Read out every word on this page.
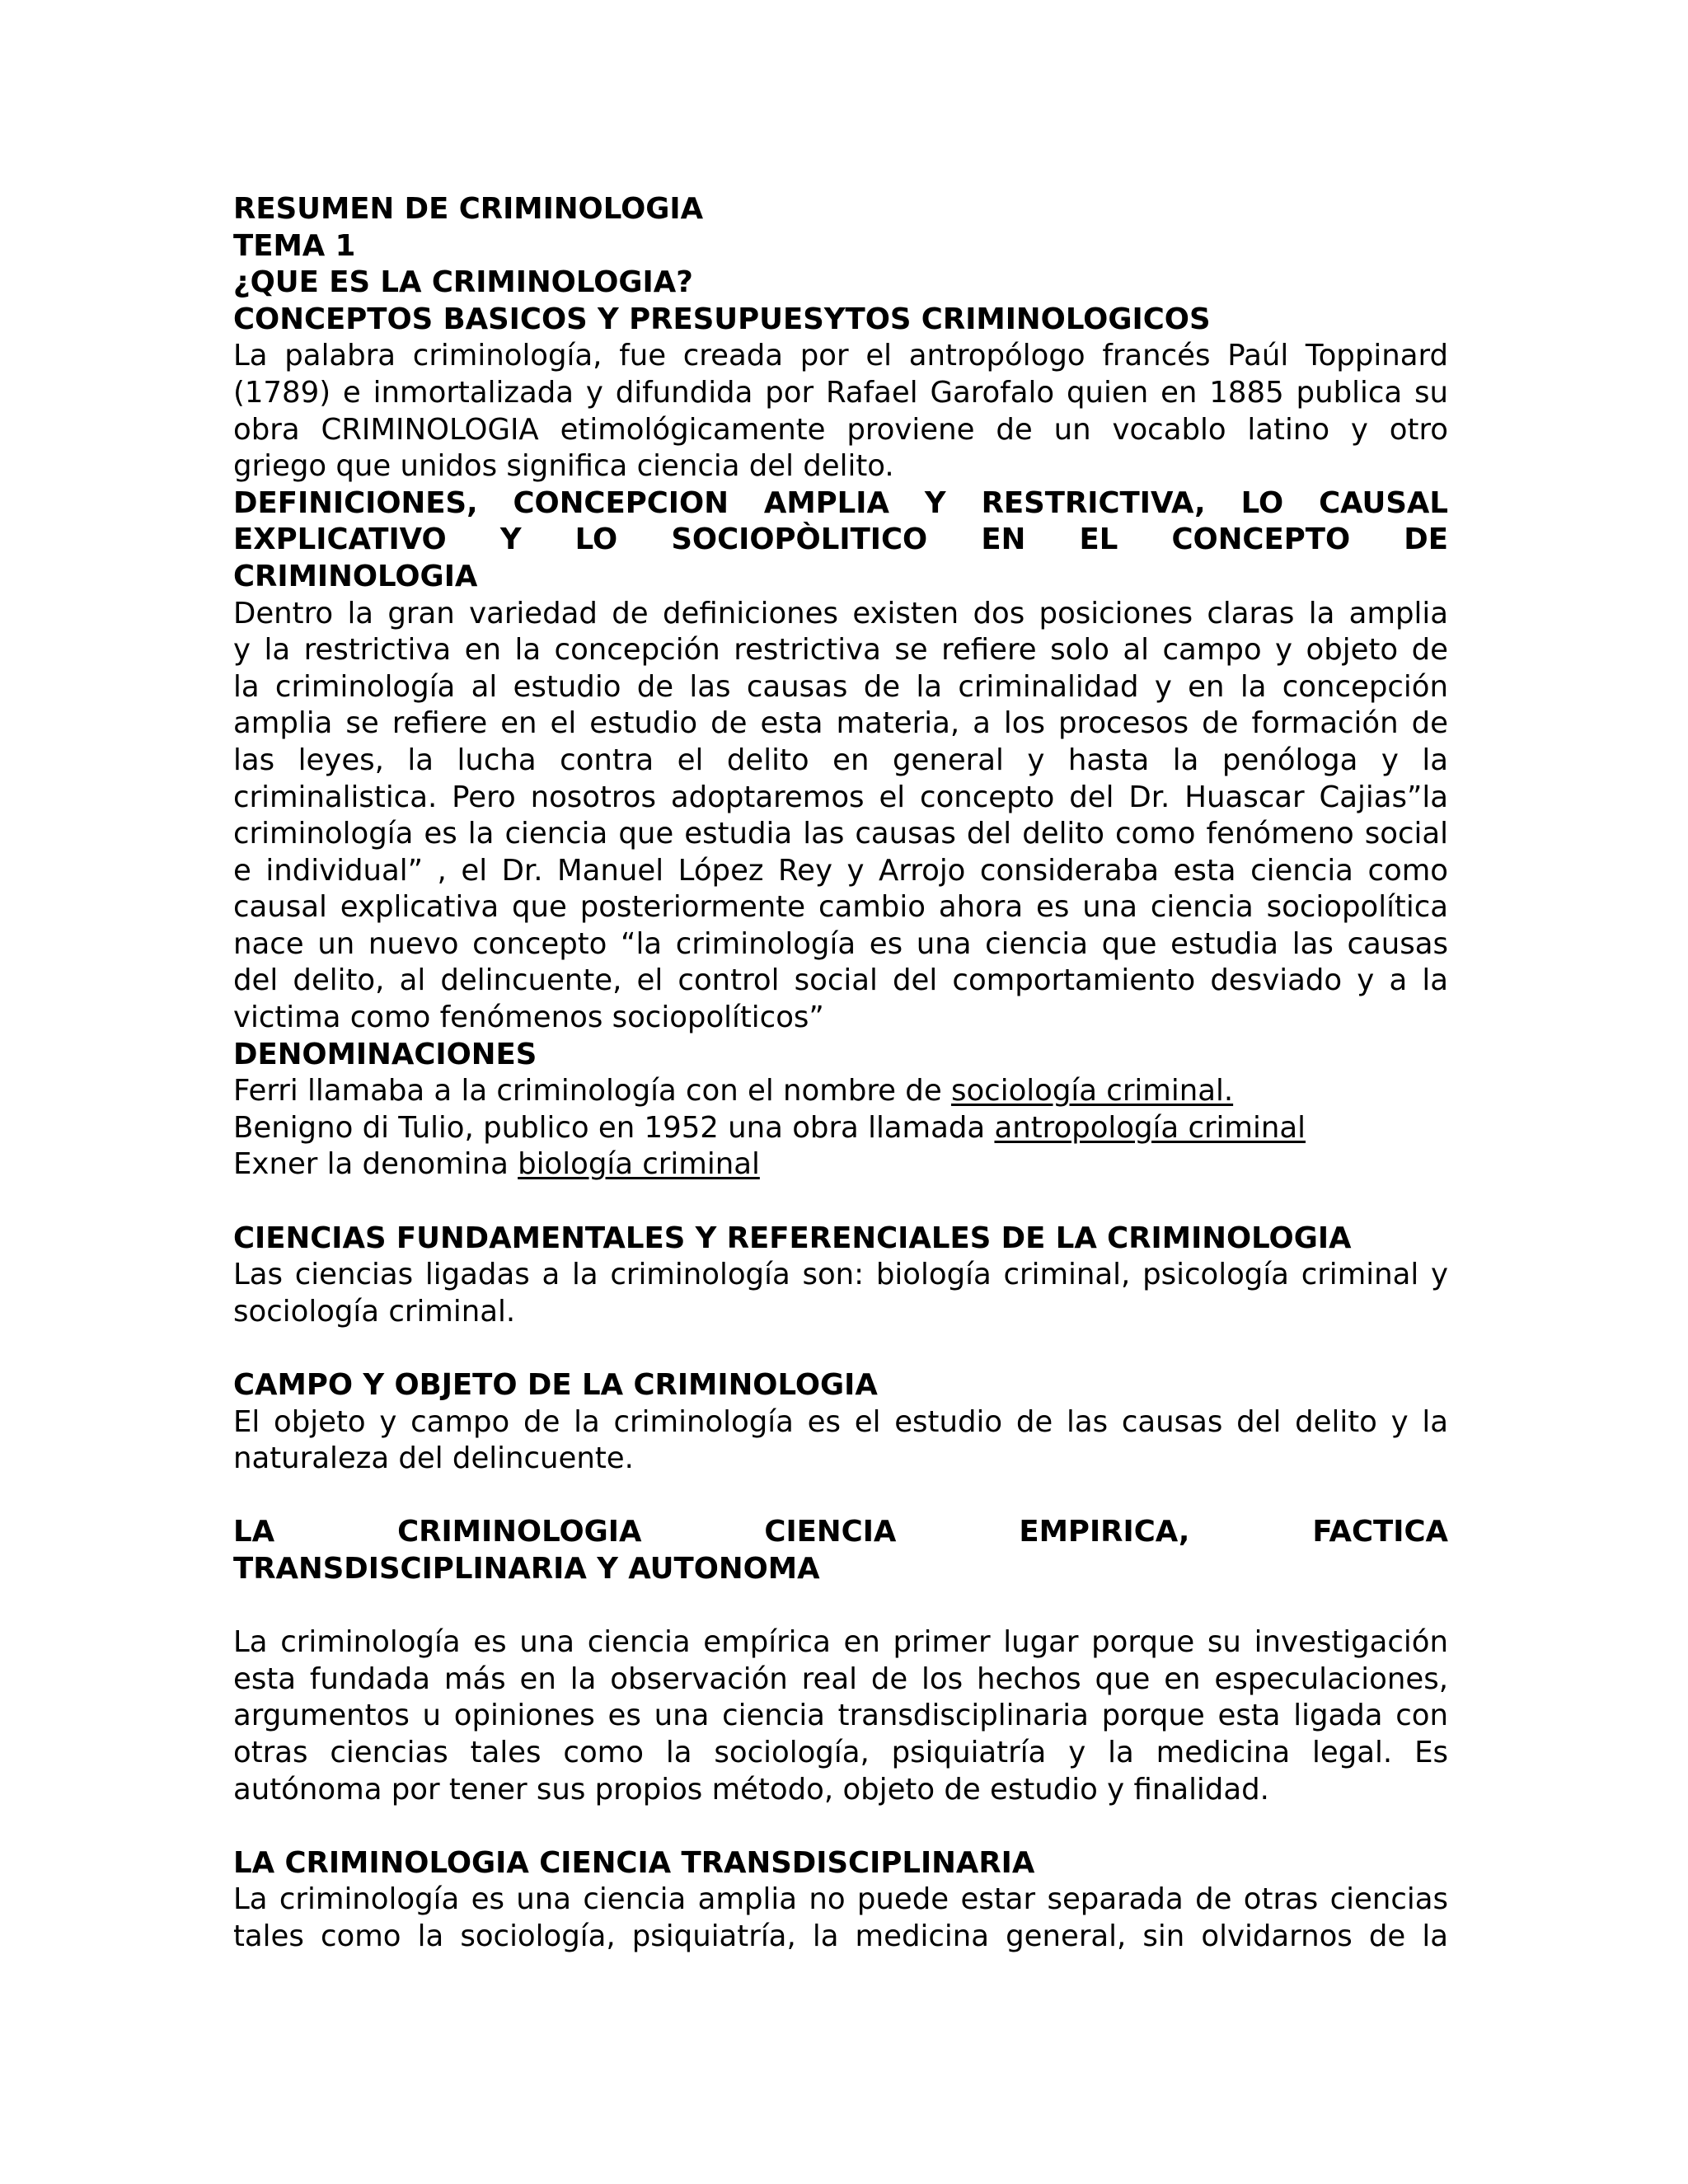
RESUMEN DE CRIMINOLOGIA
TEMA 1
¿QUE ES LA CRIMINOLOGIA?
CONCEPTOS BASICOS Y PRESUPUESYTOS CRIMINOLOGICOS
La palabra criminología, fue creada por el antropólogo francés Paúl Toppinard
(1789) e inmortalizada y difundida por Rafael Garofalo quien en 1885 publica su
obra CRIMINOLOGIA etimológicamente proviene de un vocablo latino y otro
griego que unidos significa ciencia del delito.
DEFINICIONES, CONCEPCION AMPLIA Y RESTRICTIVA, LO CAUSAL
EXPLICATIVO Y LO SOCIOPÒLITICO EN EL CONCEPTO DE
CRIMINOLOGIA
Dentro la gran variedad de definiciones existen dos posiciones claras la amplia
y la restrictiva en la concepción restrictiva se refiere solo al campo y objeto de
la criminología al estudio de las causas de la criminalidad y en la concepción
amplia se refiere en el estudio de esta materia, a los procesos de formación de
las leyes, la lucha contra el delito en general y hasta la penóloga y la
criminalistica. Pero nosotros adoptaremos el concepto del Dr. Huascar Cajias”la
criminología es la ciencia que estudia las causas del delito como fenómeno social
e individual” , el Dr. Manuel López Rey y Arrojo consideraba esta ciencia como
causal explicativa que posteriormente cambio ahora es una ciencia sociopolítica
nace un nuevo concepto “la criminología es una ciencia que estudia las causas
del delito, al delincuente, el control social del comportamiento desviado y a la
victima como fenómenos sociopolíticos”
DENOMINACIONES
Ferri llamaba a la criminología con el nombre de sociología criminal.
Benigno di Tulio, publico en 1952 una obra llamada antropología criminal
Exner la denomina biología criminal
CIENCIAS FUNDAMENTALES Y REFERENCIALES DE LA CRIMINOLOGIA
Las ciencias ligadas a la criminología son: biología criminal, psicología criminal y
sociología criminal.
CAMPO Y OBJETO DE LA CRIMINOLOGIA
El objeto y campo de la criminología es el estudio de las causas del delito y la
naturaleza del delincuente.
LA CRIMINOLOGIA CIENCIA EMPIRICA, FACTICA
TRANSDISCIPLINARIA Y AUTONOMA
La criminología es una ciencia empírica en primer lugar porque su investigación
esta fundada más en la observación real de los hechos que en especulaciones,
argumentos u opiniones es una ciencia transdisciplinaria porque esta ligada con
otras ciencias tales como la sociología, psiquiatría y la medicina legal. Es
autónoma por tener sus propios método, objeto de estudio y finalidad.
LA CRIMINOLOGIA CIENCIA TRANSDISCIPLINARIA
La criminología es una ciencia amplia no puede estar separada de otras ciencias
tales como la sociología, psiquiatría, la medicina general, sin olvidarnos de la
